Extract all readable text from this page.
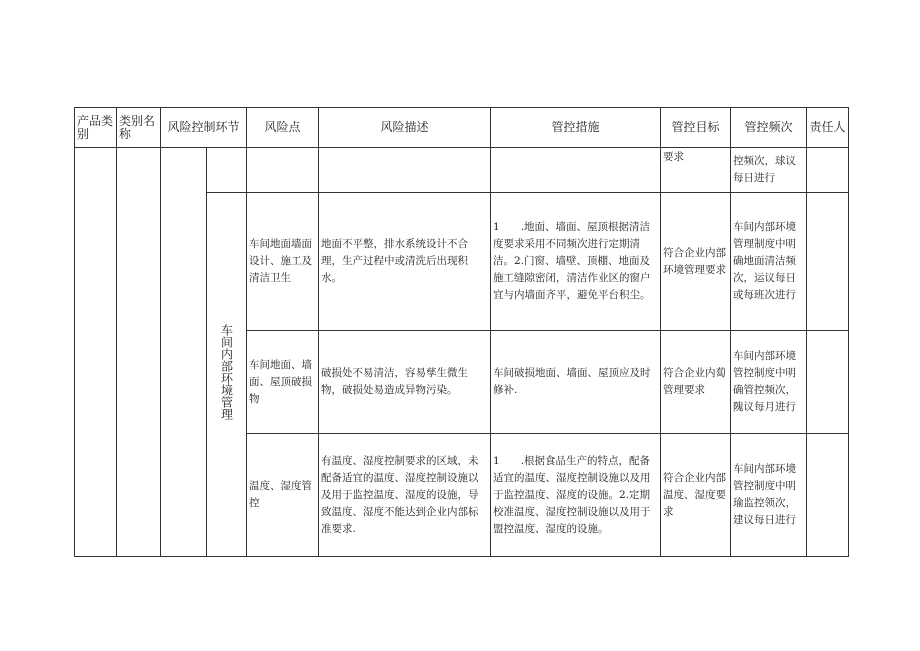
产品类别	类别名称	风险控制环节		风险点	风险描述	管控措施	管控目标	管控频次	责任人
							要求	控频次，球议每日进行	
			车间内部环境管理	车间地面墙面设计、施工及清洁卫生	地面不平整，排水系统设计不合理，生产过程中或清洗后出现积水。	1　　.地面、墙面、屋顶根据清洁度要求采用不同频次进行定期清洁。2.门窗、墙壁、顶棚、地面及施工缝隙密闭，清洁作业区的窗户宜与内墙面齐平，避免平台积尘。	符合企业内部环境管理要求	车间内部环境管理制度中明确地面清洁频次，运议每日或每班次进行	
				车间地面、墙面、屋顶破损物	破损处不易清洁，容易孳生微生物，破损处易造成异物污染。	车间破损地面、墙面、屋顶应及时修补.	符合企业内蔔管理要求	车间内部环境管控制度中明确管控频次，隗议每月进行	
				温度、湿度管控	有温度、湿度控制要求的区域，未配备适宜的温度、湿度控制设施以及用于监控温度、湿度的设施，导致温度、湿度不能达到企业内部标准要求.	1　　.根据食品生产的特点，配备适宜的温度、湿度控制设施以及用于监控温度、湿度的设施。2.定期校准温度、湿度控制设施以及用于盟控温度、湿度的设施。	符合企业内部温度、湿度要求	车间内部环境管控制度中明瑜监控领次，建议每日进行	
